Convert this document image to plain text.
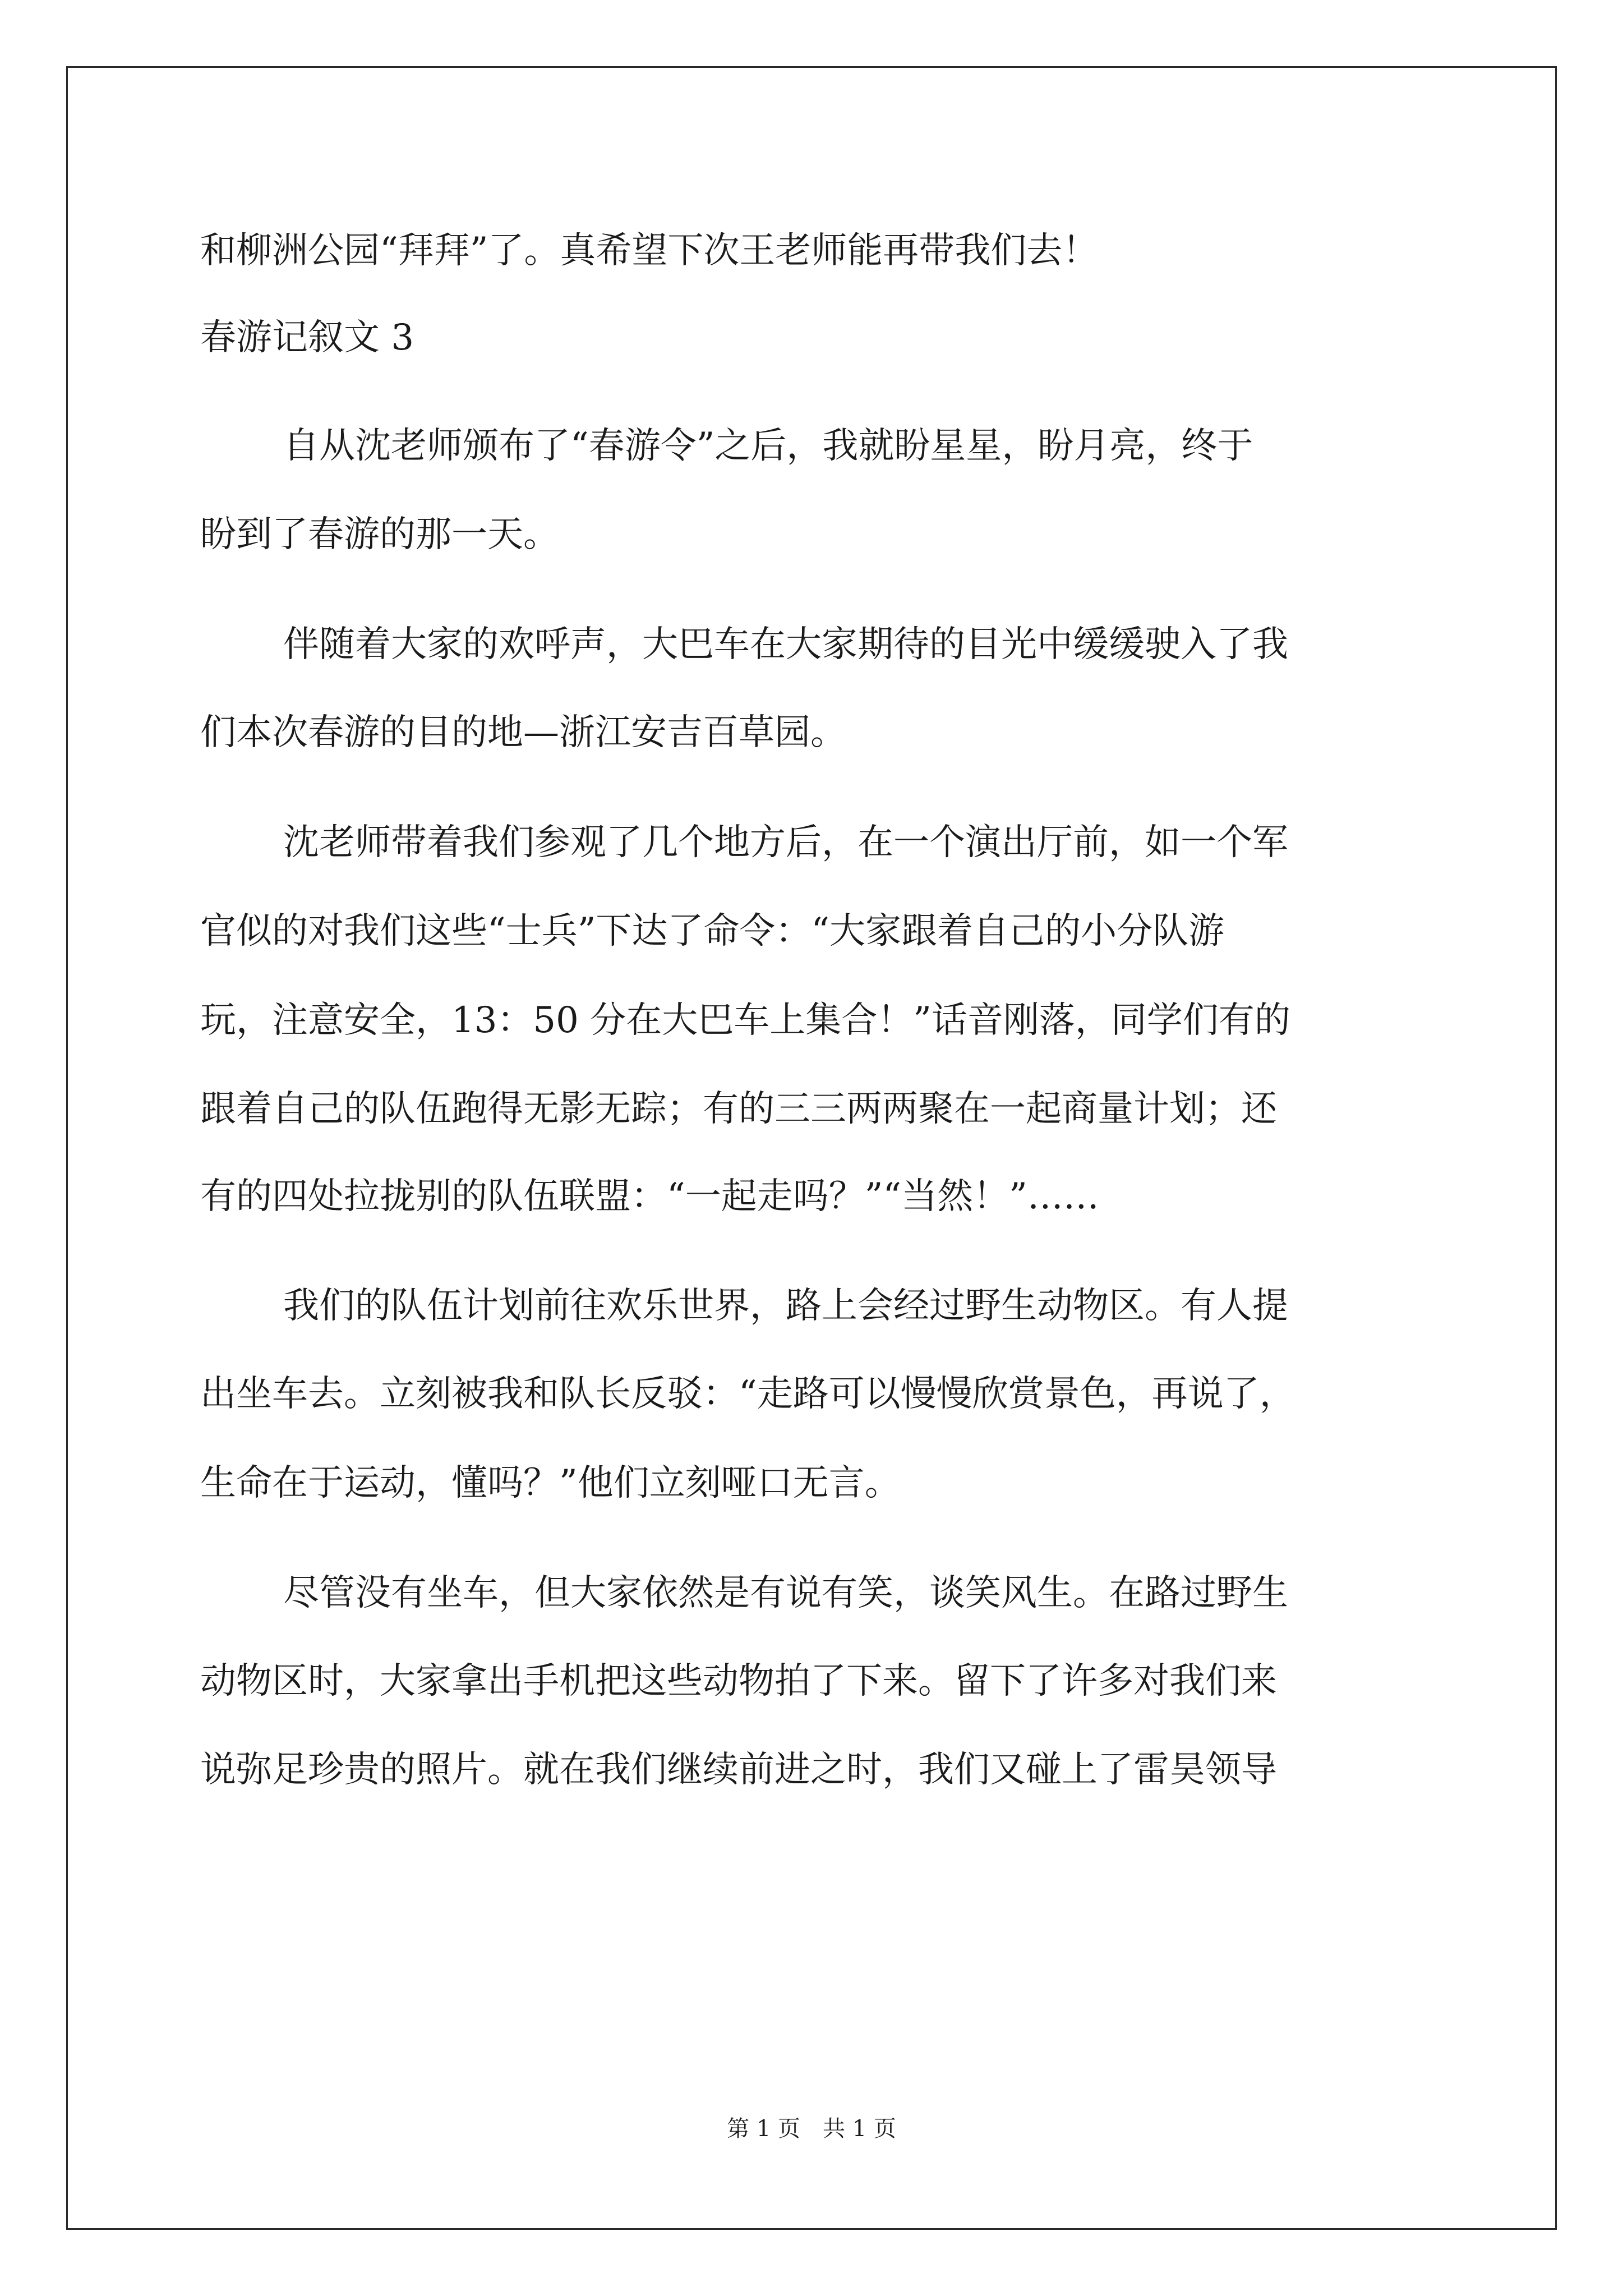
和柳洲公园“拜拜”了。真希望下次王老师能再带我们去！
春游记叙文 3
自从沈老师颁布了“春游令”之后，我就盼星星，盼月亮，终于
盼到了春游的那一天。
伴随着大家的欢呼声，大巴车在大家期待的目光中缓缓驶入了我
们本次春游的目的地—浙江安吉百草园。
沈老师带着我们参观了几个地方后，在一个演出厅前，如一个军
官似的对我们这些“士兵”下达了命令：“大家跟着自己的小分队游
玩，注意安全，13：50 分在大巴车上集合！”话音刚落，同学们有的
跟着自己的队伍跑得无影无踪；有的三三两两聚在一起商量计划；还
有的四处拉拢别的队伍联盟：“一起走吗？”“当然！”……
我们的队伍计划前往欢乐世界，路上会经过野生动物区。有人提
出坐车去。立刻被我和队长反驳：“走路可以慢慢欣赏景色，再说了，
生命在于运动，懂吗？”他们立刻哑口无言。
尽管没有坐车，但大家依然是有说有笑，谈笑风生。在路过野生
动物区时，大家拿出手机把这些动物拍了下来。留下了许多对我们来
说弥足珍贵的照片。就在我们继续前进之时，我们又碰上了雷昊领导
第 1 页　共 1 页
